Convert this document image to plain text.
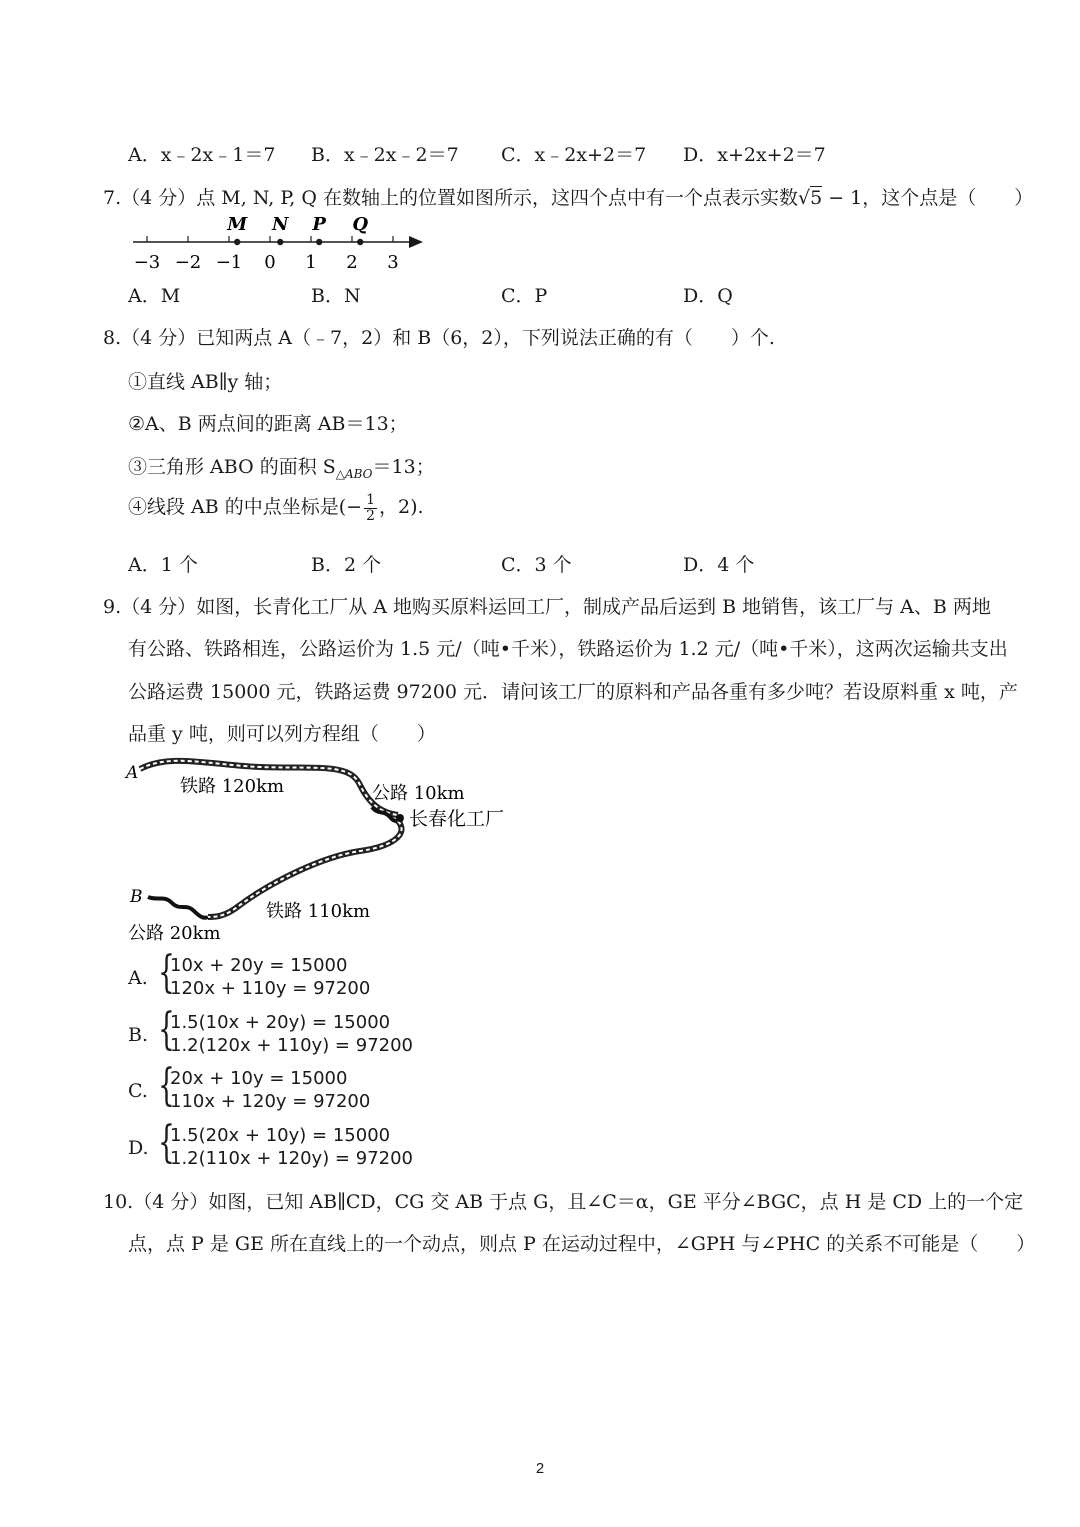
A．x﹣2x﹣1＝7 B．x﹣2x﹣2＝7 C．x﹣2x+2＝7 D．x+2x+2＝7
7.（4 分）点 M, N, P, Q 在数轴上的位置如图所示，这四个点中有一个点表示实数√5 − 1，这个点是（　　）
−3 −2 −1 0 1 2 3
M N P Q
A．M	B．N	C．P	D．Q
8.（4 分）已知两点 A（﹣7，2）和 B（6，2），下列说法正确的有（　　）个.
①直线 AB∥y 轴；
②A、B 两点间的距离 AB＝13；
③三角形 ABO 的面积 $S_{\triangle ABO}=13$；
④线段 AB 的中点坐标是(− $\frac{1}{2}$ ，2).
A．1 个	B．2 个	C．3 个	D．4 个
9.（4 分）如图，长青化工厂从 A 地购买原料运回工厂，制成产品后运到 B 地销售，该工厂与 A、B 两地
有公路、铁路相连，公路运价为 1.5 元/（吨•千米），铁路运价为 1.2 元/（吨•千米），这两次运输共支出
公路运费 15000 元，铁路运费 97200 元．请问该工厂的原料和产品各重有多少吨？若设原料重 x 吨，产
品重 y 吨，则可以列方程组（　　）
A
铁路 120km	公路 10km
长春化工厂
B
铁路 110km
公路 20km
A. {
10x + 20y = 15000
120x + 110y = 97200
B. {
1.5(10x + 20y) = 15000
1.2(120x + 110y) = 97200
C. {
20x + 10y = 15000
110x + 120y = 97200
D. {
1.5(20x + 10y) = 15000
1.2(110x + 120y) = 97200
10.（4 分）如图，已知 AB∥CD，CG 交 AB 于点 G，且∠C＝α，GE 平分∠BGC，点 H 是 CD 上的一个定
点，点 P 是 GE 所在直线上的一个动点，则点 P 在运动过程中，∠GPH 与∠PHC 的关系不可能是（　　）
2
